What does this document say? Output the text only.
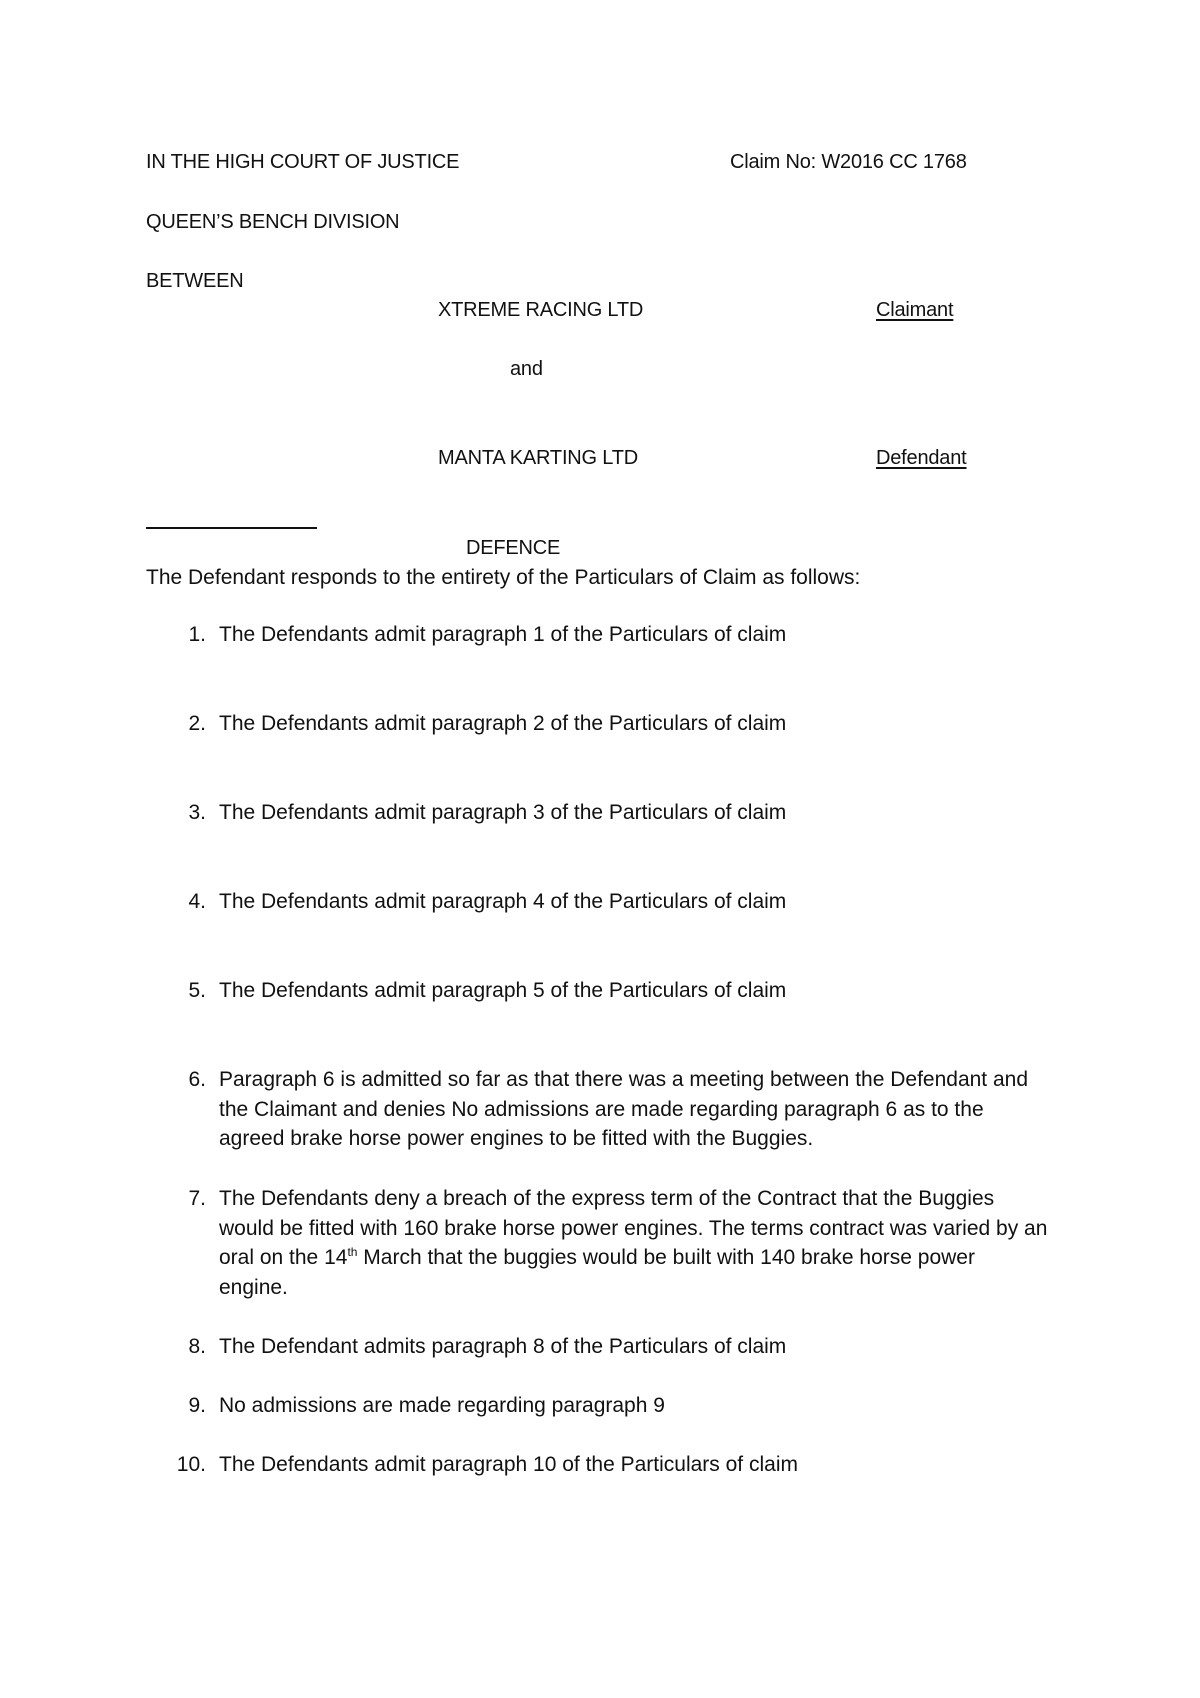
IN THE HIGH COURT OF JUSTICE	Claim No: W2016 CC 1768
QUEEN’S BENCH DIVISION
BETWEEN
XTREME RACING LTD	Claimant
and
MANTA KARTING LTD	Defendant
DEFENCE
The Defendant responds to the entirety of the Particulars of Claim as follows:
1. The Defendants admit paragraph 1 of the Particulars of claim
2. The Defendants admit paragraph 2 of the Particulars of claim
3. The Defendants admit paragraph 3 of the Particulars of claim
4. The Defendants admit paragraph 4 of the Particulars of claim
5. The Defendants admit paragraph 5 of the Particulars of claim
6. Paragraph 6 is admitted so far as that there was a meeting between the Defendant and the Claimant and denies No admissions are made regarding paragraph 6 as to the agreed brake horse power engines to be fitted with the Buggies.
7. The Defendants deny a breach of the express term of the Contract that the Buggies would be fitted with 160 brake horse power engines. The terms contract was varied by an oral on the 14th March that the buggies would be built with 140 brake horse power engine.
8. The Defendant admits paragraph 8 of the Particulars of claim
9. No admissions are made regarding paragraph 9
10. The Defendants admit paragraph 10 of the Particulars of claim
